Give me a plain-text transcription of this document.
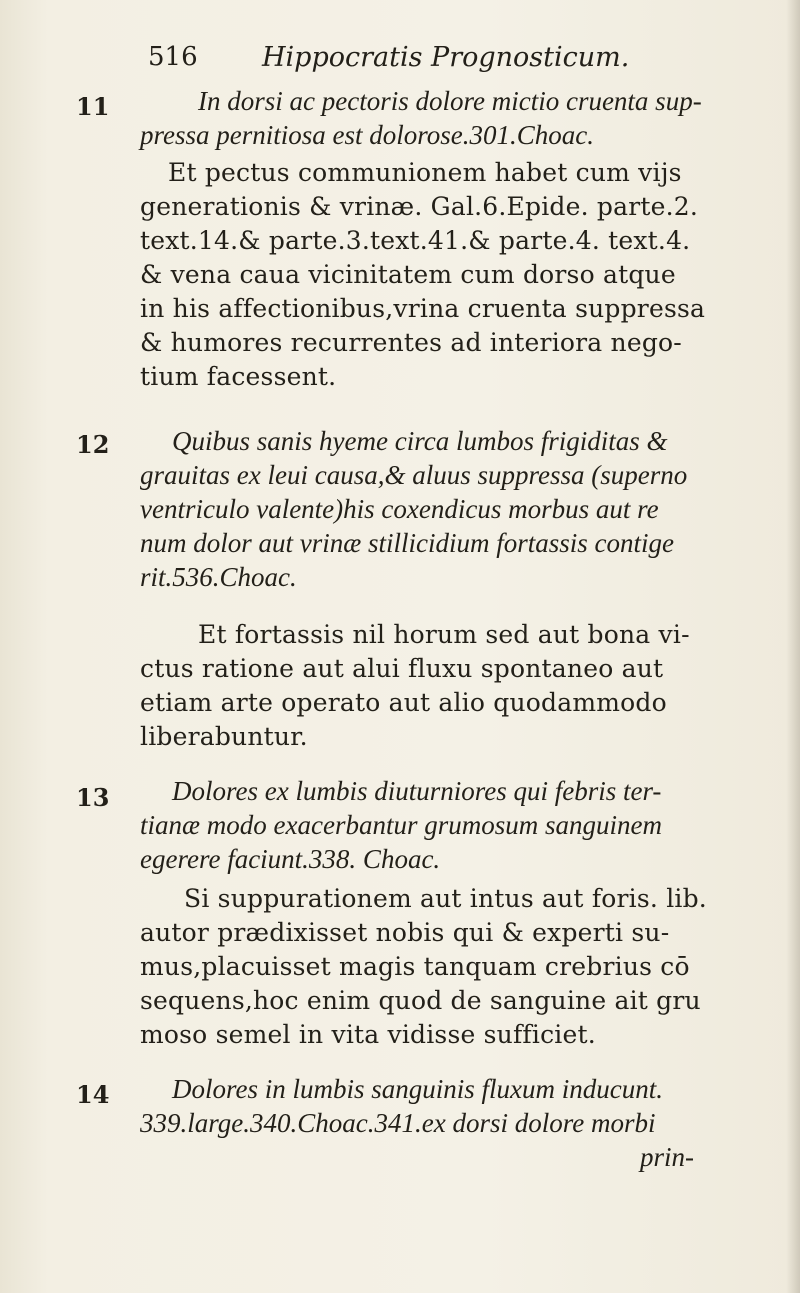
516 Hippocratis Prognosticum.
11
12
13
14
In dorsi ac pectoris dolore mictio cruenta sup-
pressa pernitiosa est dolorose.301.Choac.
Et pectus communionem habet cum vijs
generationis & vrinæ. Gal.6.Epide. parte.2.
text.14.& parte.3.text.41.& parte.4. text.4.
& vena caua vicinitatem cum dorso atque
in his affectionibus,vrina cruenta suppressa
& humores recurrentes ad interiora nego-
tium facessent.
Quibus sanis hyeme circa lumbos frigiditas &
grauitas ex leui causa,& aluus suppressa (superno
ventriculo valente)his coxendicus morbus aut re
num dolor aut vrinæ stillicidium fortassis contige
rit.536.Choac.
Et fortassis nil horum sed aut bona vi-
ctus ratione aut alui fluxu spontaneo aut
etiam arte operato aut alio quodammodo
liberabuntur.
Dolores ex lumbis diuturniores qui febris ter-
tianæ modo exacerbantur grumosum sanguinem
egerere faciunt.338. Choac.
Si suppurationem aut intus aut foris. lib.
autor prædixisset nobis qui & experti su-
mus,placuisset magis tanquam crebrius cō
sequens,hoc enim quod de sanguine ait gru
moso semel in vita vidisse sufficiet.
Dolores in lumbis sanguinis fluxum inducunt.
339.large.340.Choac.341.ex dorsi dolore morbi
prin-
